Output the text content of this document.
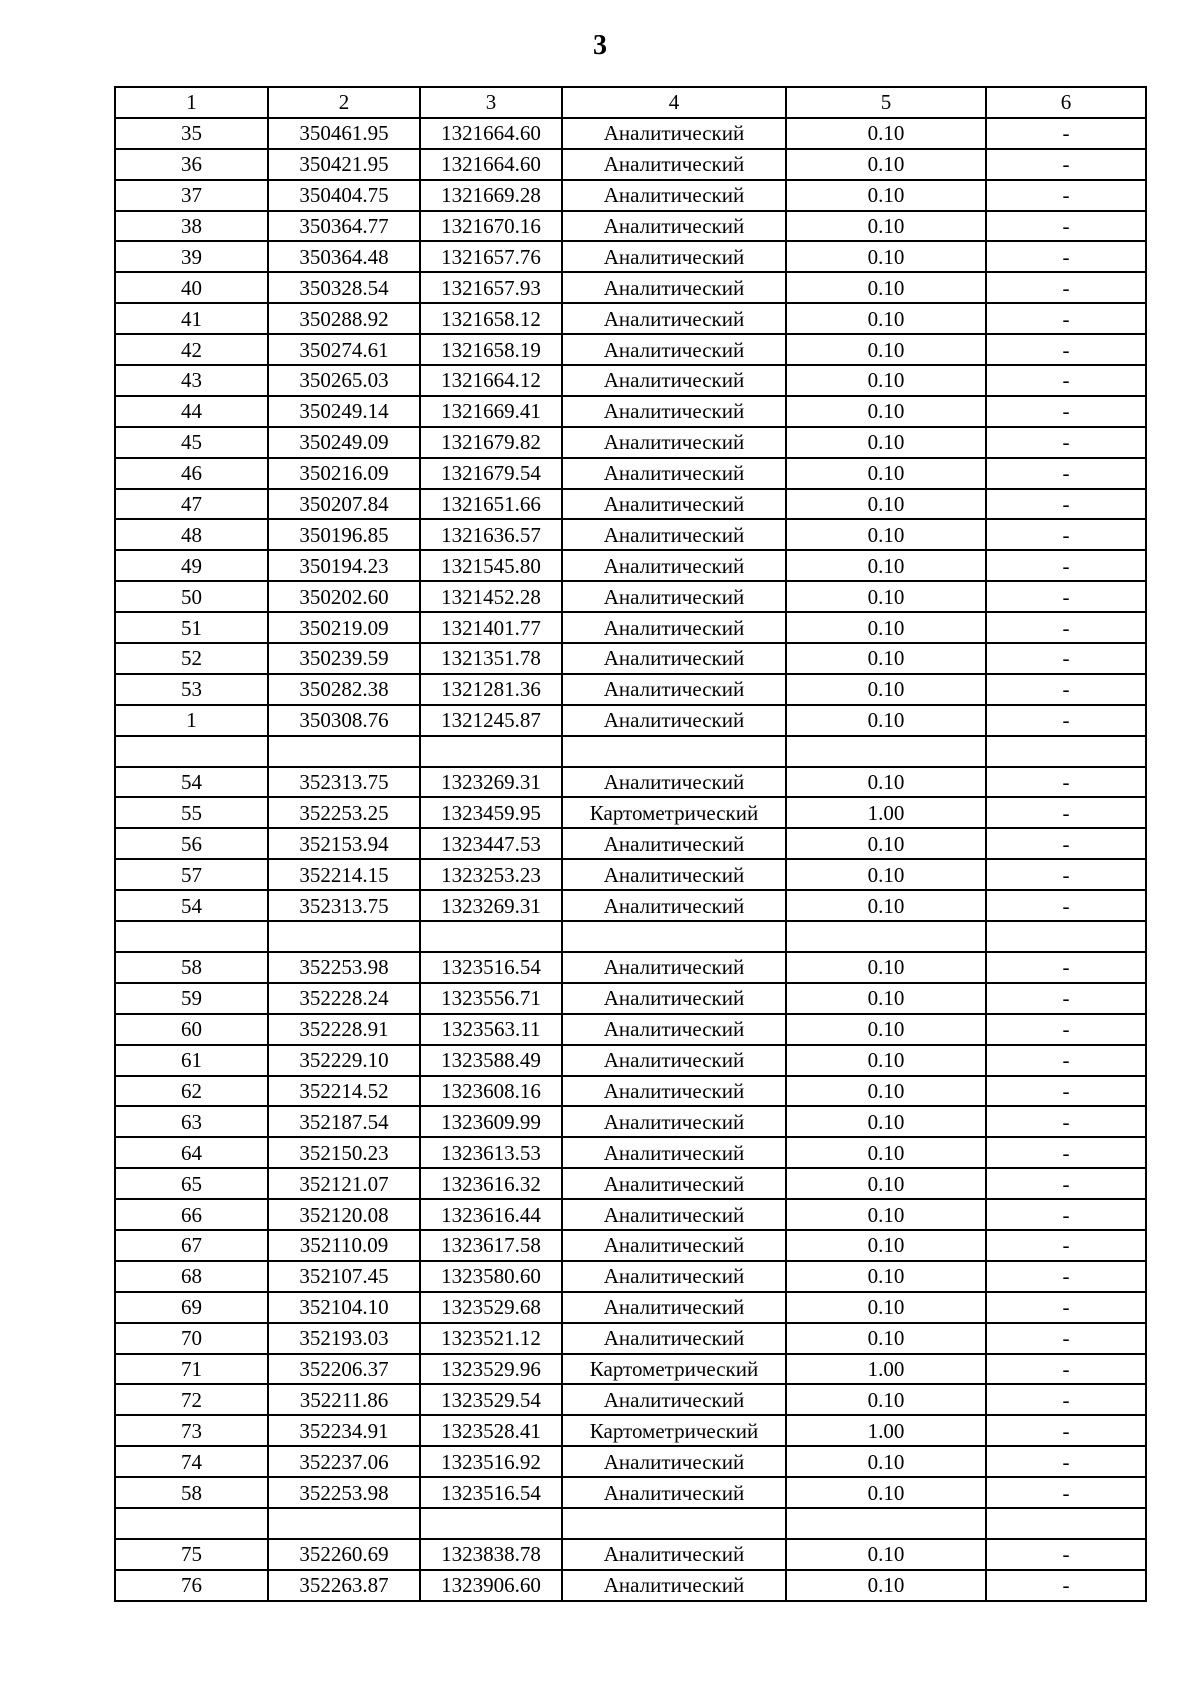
3
1	2	3	4	5	6
35	350461.95	1321664.60	Аналитический	0.10	-
36	350421.95	1321664.60	Аналитический	0.10	-
37	350404.75	1321669.28	Аналитический	0.10	-
38	350364.77	1321670.16	Аналитический	0.10	-
39	350364.48	1321657.76	Аналитический	0.10	-
40	350328.54	1321657.93	Аналитический	0.10	-
41	350288.92	1321658.12	Аналитический	0.10	-
42	350274.61	1321658.19	Аналитический	0.10	-
43	350265.03	1321664.12	Аналитический	0.10	-
44	350249.14	1321669.41	Аналитический	0.10	-
45	350249.09	1321679.82	Аналитический	0.10	-
46	350216.09	1321679.54	Аналитический	0.10	-
47	350207.84	1321651.66	Аналитический	0.10	-
48	350196.85	1321636.57	Аналитический	0.10	-
49	350194.23	1321545.80	Аналитический	0.10	-
50	350202.60	1321452.28	Аналитический	0.10	-
51	350219.09	1321401.77	Аналитический	0.10	-
52	350239.59	1321351.78	Аналитический	0.10	-
53	350282.38	1321281.36	Аналитический	0.10	-
1	350308.76	1321245.87	Аналитический	0.10	-

54	352313.75	1323269.31	Аналитический	0.10	-
55	352253.25	1323459.95	Картометрический	1.00	-
56	352153.94	1323447.53	Аналитический	0.10	-
57	352214.15	1323253.23	Аналитический	0.10	-
54	352313.75	1323269.31	Аналитический	0.10	-

58	352253.98	1323516.54	Аналитический	0.10	-
59	352228.24	1323556.71	Аналитический	0.10	-
60	352228.91	1323563.11	Аналитический	0.10	-
61	352229.10	1323588.49	Аналитический	0.10	-
62	352214.52	1323608.16	Аналитический	0.10	-
63	352187.54	1323609.99	Аналитический	0.10	-
64	352150.23	1323613.53	Аналитический	0.10	-
65	352121.07	1323616.32	Аналитический	0.10	-
66	352120.08	1323616.44	Аналитический	0.10	-
67	352110.09	1323617.58	Аналитический	0.10	-
68	352107.45	1323580.60	Аналитический	0.10	-
69	352104.10	1323529.68	Аналитический	0.10	-
70	352193.03	1323521.12	Аналитический	0.10	-
71	352206.37	1323529.96	Картометрический	1.00	-
72	352211.86	1323529.54	Аналитический	0.10	-
73	352234.91	1323528.41	Картометрический	1.00	-
74	352237.06	1323516.92	Аналитический	0.10	-
58	352253.98	1323516.54	Аналитический	0.10	-

75	352260.69	1323838.78	Аналитический	0.10	-
76	352263.87	1323906.60	Аналитический	0.10	-
